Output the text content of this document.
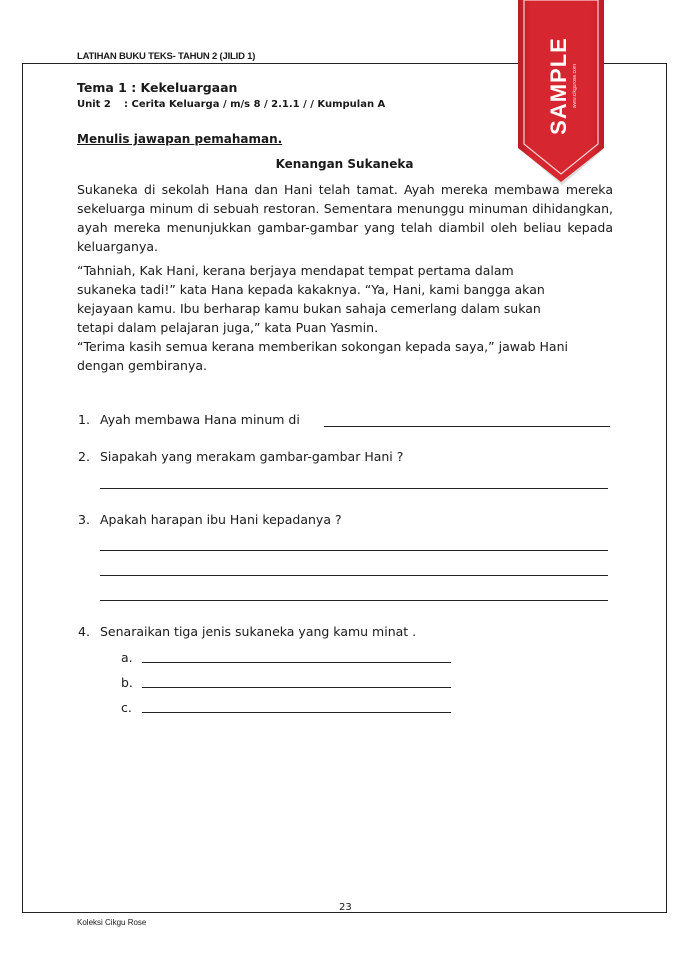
LATIHAN BUKU TEKS- TAHUN 2 (JILID 1)
Tema 1 : Kekeluargaan
Unit 2 : Cerita Keluarga / m/s 8 / 2.1.1 / / Kumpulan A
Menulis jawapan pemahaman.
Kenangan Sukaneka

Sukaneka di sekolah Hana dan Hani telah tamat. Ayah mereka membawa mereka sekeluarga minum di sebuah restoran. Sementara menunggu minuman dihidangkan, ayah mereka menunjukkan gambar-gambar yang telah diambil oleh beliau kepada keluarganya.

“Tahniah, Kak Hani, kerana berjaya mendapat tempat pertama dalam
sukaneka tadi!” kata Hana kepada kakaknya. “Ya, Hani, kami bangga akan
kejayaan kamu. Ibu berharap kamu bukan sahaja cemerlang dalam sukan
tetapi dalam pelajaran juga,” kata Puan Yasmin.
“Terima kasih semua kerana memberikan sokongan kepada saya,” jawab Hani
dengan gembiranya.
1. Ayah membawa Hana minum di
2. Siapakah yang merakam gambar-gambar Hani ?
3. Apakah harapan ibu Hani kepadanya ?
4. Senaraikan tiga jenis sukaneka yang kamu minat .
a.
b.
c.
23
Koleksi Cikgu Rose
SAMPLE www.cikgurose.com
